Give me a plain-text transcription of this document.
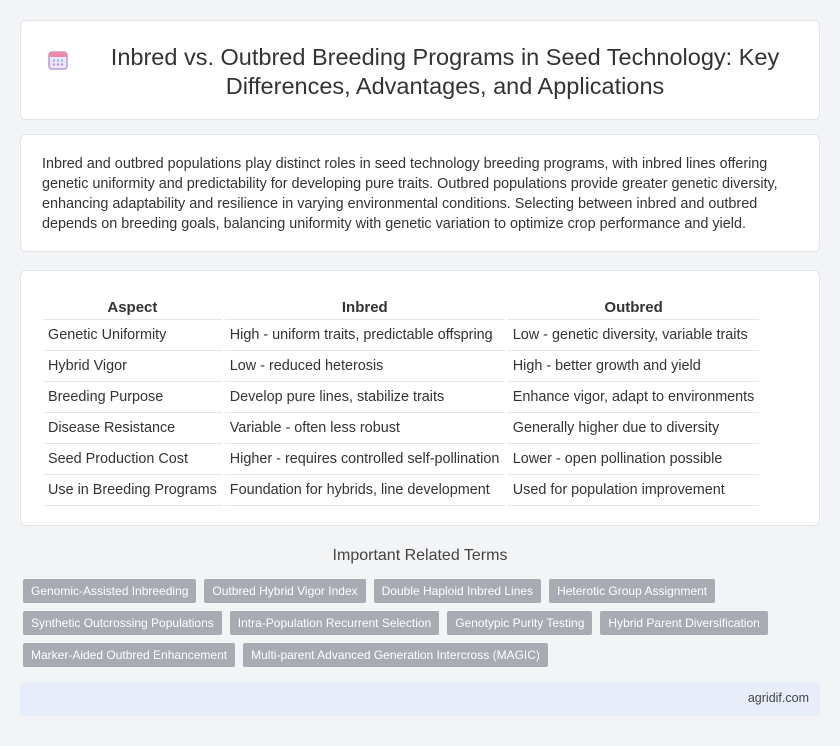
Inbred vs. Outbred Breeding Programs in Seed Technology: Key Differences, Advantages, and Applications

Inbred and outbred populations play distinct roles in seed technology breeding programs, with inbred lines offering genetic uniformity and predictability for developing pure traits. Outbred populations provide greater genetic diversity, enhancing adaptability and resilience in varying environmental conditions. Selecting between inbred and outbred depends on breeding goals, balancing uniformity with genetic variation to optimize crop performance and yield.

Aspect	Inbred	Outbred
Genetic Uniformity	High - uniform traits, predictable offspring	Low - genetic diversity, variable traits
Hybrid Vigor	Low - reduced heterosis	High - better growth and yield
Breeding Purpose	Develop pure lines, stabilize traits	Enhance vigor, adapt to environments
Disease Resistance	Variable - often less robust	Generally higher due to diversity
Seed Production Cost	Higher - requires controlled self-pollination	Lower - open pollination possible
Use in Breeding Programs	Foundation for hybrids, line development	Used for population improvement
Important Related Terms
Genomic-Assisted Inbreeding	Outbred Hybrid Vigor Index	Double Haploid Inbred Lines	Heterotic Group Assignment
Synthetic Outcrossing Populations	Intra-Population Recurrent Selection	Genotypic Purity Testing	Hybrid Parent Diversification
Marker-Aided Outbred Enhancement	Multi-parent Advanced Generation Intercross (MAGIC)
agridif.com
